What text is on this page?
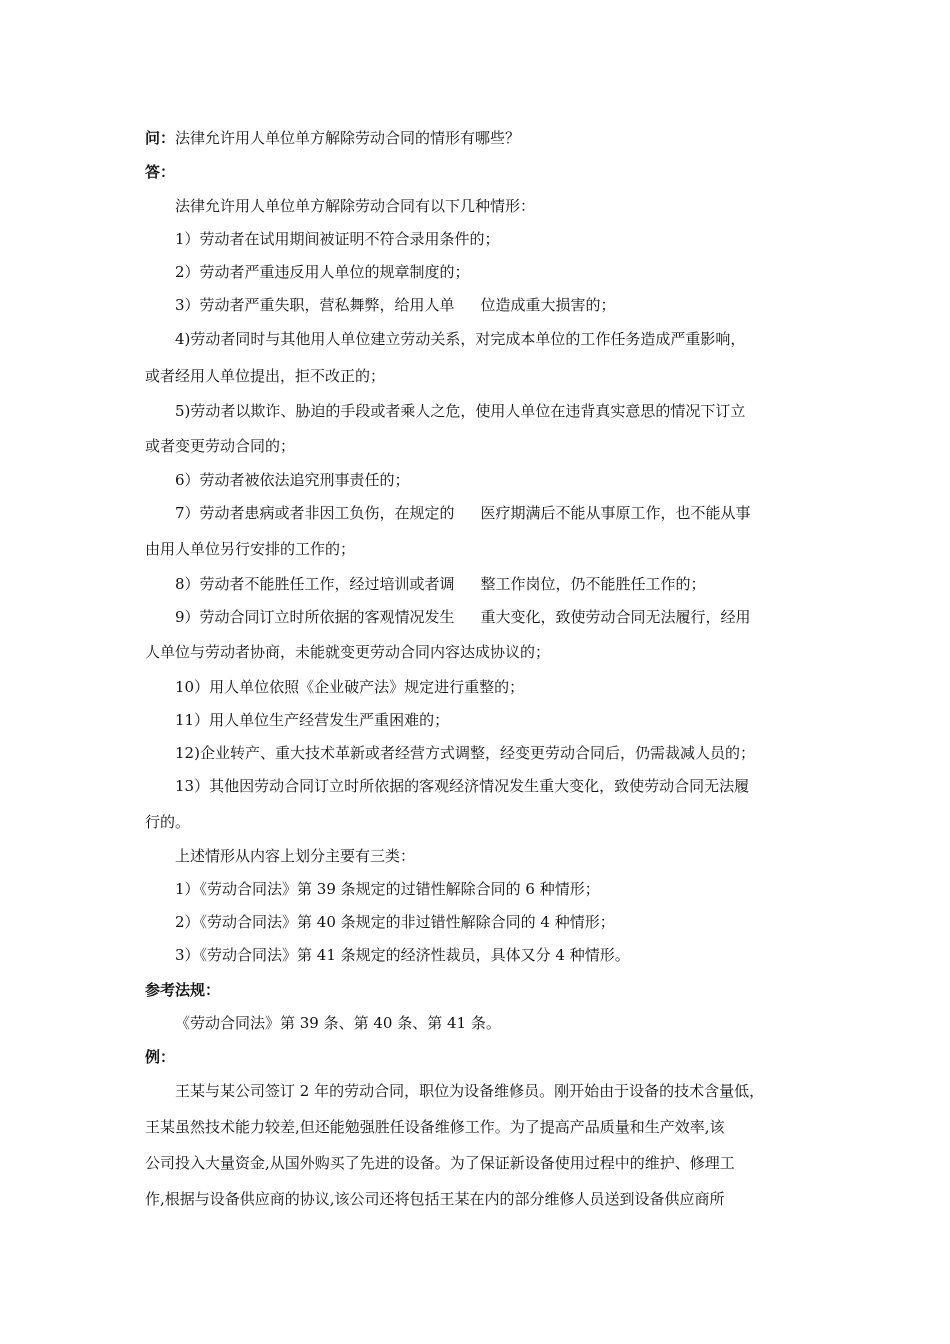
问：法律允许用人单位单方解除劳动合同的情形有哪些？
答：
法律允许用人单位单方解除劳动合同有以下几种情形：
1）劳动者在试用期间被证明不符合录用条件的；
2）劳动者严重违反用人单位的规章制度的；
3）劳动者严重失职，营私舞弊，给用人单 位造成重大损害的；
4)劳动者同时与其他用人单位建立劳动关系，对完成本单位的工作任务造成严重影响，
或者经用人单位提出，拒不改正的；
5)劳动者以欺诈、胁迫的手段或者乘人之危，使用人单位在违背真实意思的情况下订立
或者变更劳动合同的；
6）劳动者被依法追究刑事责任的；
7）劳动者患病或者非因工负伤，在规定的 医疗期满后不能从事原工作，也不能从事
由用人单位另行安排的工作的；
8）劳动者不能胜任工作，经过培训或者调 整工作岗位，仍不能胜任工作的；
9）劳动合同订立时所依据的客观情况发生 重大变化，致使劳动合同无法履行，经用
人单位与劳动者协商，未能就变更劳动合同内容达成协议的；
10）用人单位依照《企业破产法》规定进行重整的；
11）用人单位生产经营发生严重困难的；
12)企业转产、重大技术革新或者经营方式调整，经变更劳动合同后，仍需裁减人员的；
13）其他因劳动合同订立时所依据的客观经济情况发生重大变化，致使劳动合同无法履
行的。
上述情形从内容上划分主要有三类：
1）《劳动合同法》第 39 条规定的过错性解除合同的 6 种情形；
2）《劳动合同法》第 40 条规定的非过错性解除合同的 4 种情形；
3）《劳动合同法》第 41 条规定的经济性裁员，具体又分 4 种情形。
参考法规：
《劳动合同法》第 39 条、第 40 条、第 41 条。
例：
王某与某公司签订 2 年的劳动合同，职位为设备维修员。刚开始由于设备的技术含量低，
王某虽然技术能力较差,但还能勉强胜任设备维修工作。为了提高产品质量和生产效率,该
公司投入大量资金,从国外购买了先进的设备。为了保证新设备使用过程中的维护、修理工
作,根据与设备供应商的协议,该公司还将包括王某在内的部分维修人员送到设备供应商所
